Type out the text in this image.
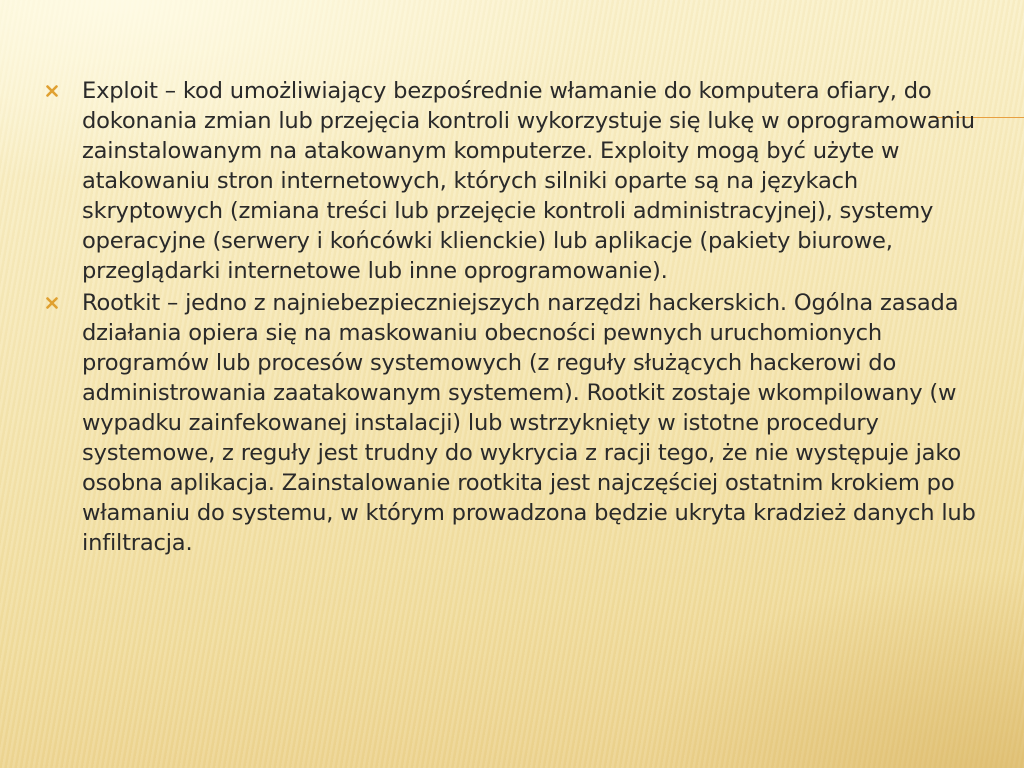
Exploit – kod umożliwiający bezpośrednie włamanie do komputera ofiary, do dokonania zmian lub przejęcia kontroli wykorzystuje się lukę w oprogramowaniu zainstalowanym na atakowanym komputerze. Exploity mogą być użyte w atakowaniu stron internetowych, których silniki oparte są na językach skryptowych (zmiana treści lub przejęcie kontroli administracyjnej), systemy operacyjne (serwery i końcówki klienckie) lub aplikacje (pakiety biurowe, przeglądarki internetowe lub inne oprogramowanie).
Rootkit – jedno z najniebezpieczniejszych narzędzi hackerskich. Ogólna zasada działania opiera się na maskowaniu obecności pewnych uruchomionych programów lub procesów systemowych (z reguły służących hackerowi do administrowania zaatakowanym systemem). Rootkit zostaje wkompilowany (w wypadku zainfekowanej instalacji) lub wstrzyknięty w istotne procedury systemowe, z reguły jest trudny do wykrycia z racji tego, że nie występuje jako osobna aplikacja. Zainstalowanie rootkita jest najczęściej ostatnim krokiem po włamaniu do systemu, w którym prowadzona będzie ukryta kradzież danych lub infiltracja.
